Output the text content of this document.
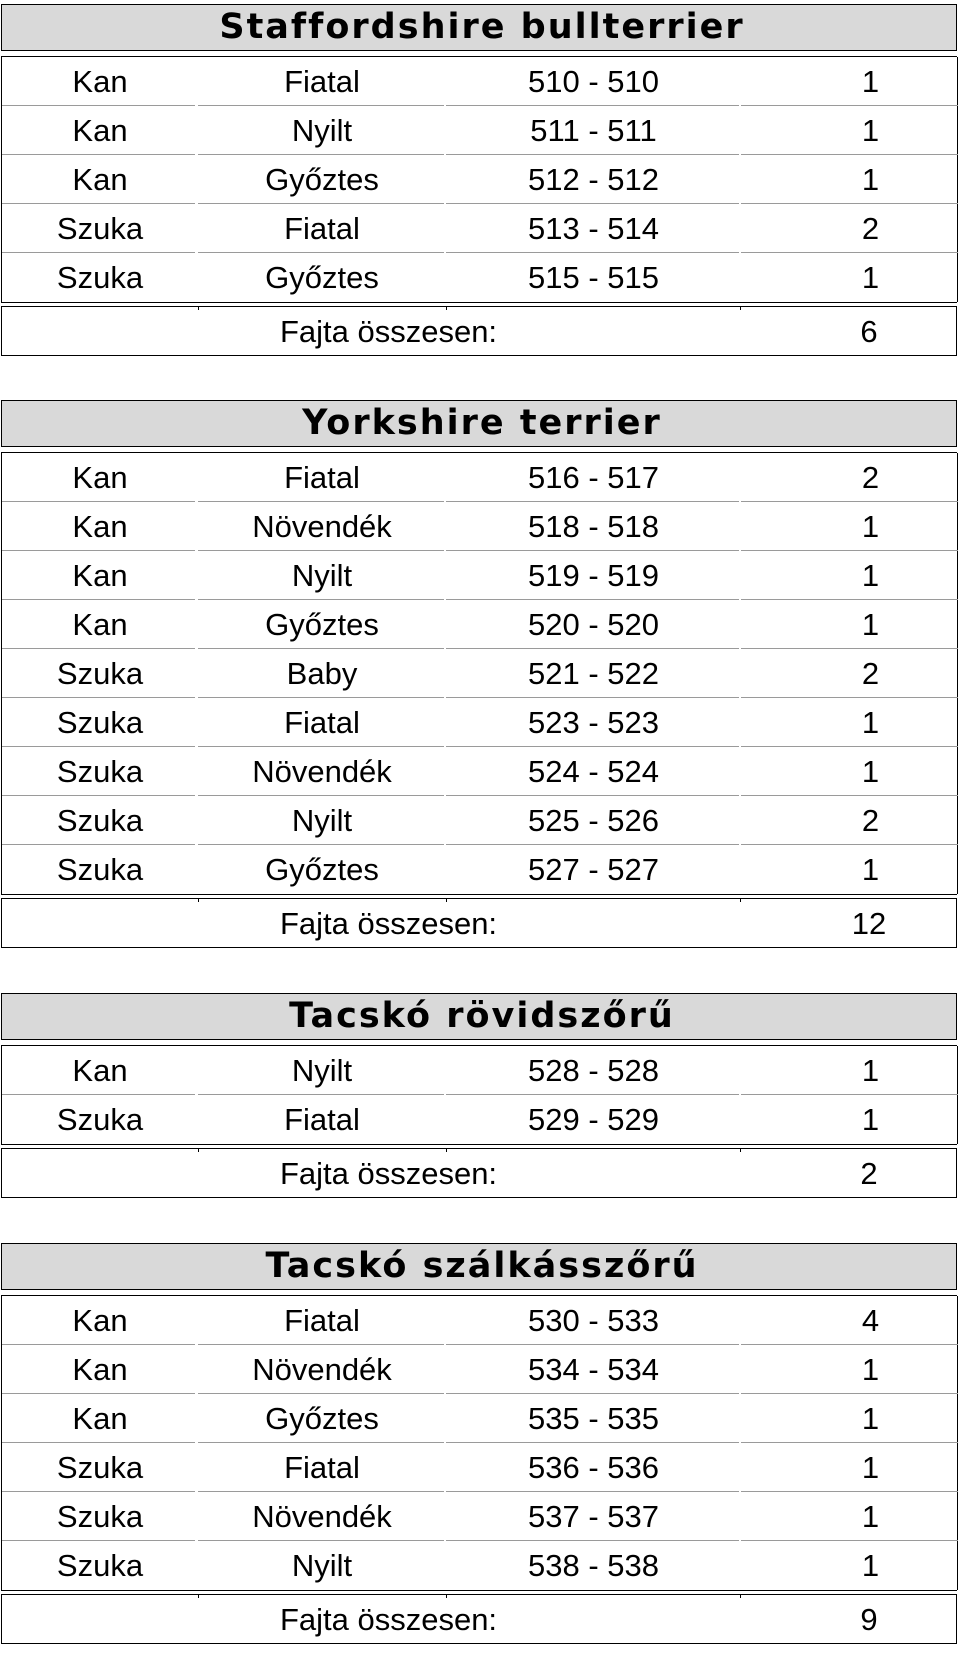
Staffordshire bullterrier
Kan	Fiatal	510 - 510	1
Kan	Nyilt	511 - 511	1
Kan	Győztes	512 - 512	1
Szuka	Fiatal	513 - 514	2
Szuka	Győztes	515 - 515	1
Fajta összesen:	6
Yorkshire terrier
Kan	Fiatal	516 - 517	2
Kan	Növendék	518 - 518	1
Kan	Nyilt	519 - 519	1
Kan	Győztes	520 - 520	1
Szuka	Baby	521 - 522	2
Szuka	Fiatal	523 - 523	1
Szuka	Növendék	524 - 524	1
Szuka	Nyilt	525 - 526	2
Szuka	Győztes	527 - 527	1
Fajta összesen:	12
Tacskó rövidszőrű
Kan	Nyilt	528 - 528	1
Szuka	Fiatal	529 - 529	1
Fajta összesen:	2
Tacskó szálkásszőrű
Kan	Fiatal	530 - 533	4
Kan	Növendék	534 - 534	1
Kan	Győztes	535 - 535	1
Szuka	Fiatal	536 - 536	1
Szuka	Növendék	537 - 537	1
Szuka	Nyilt	538 - 538	1
Fajta összesen:	9
